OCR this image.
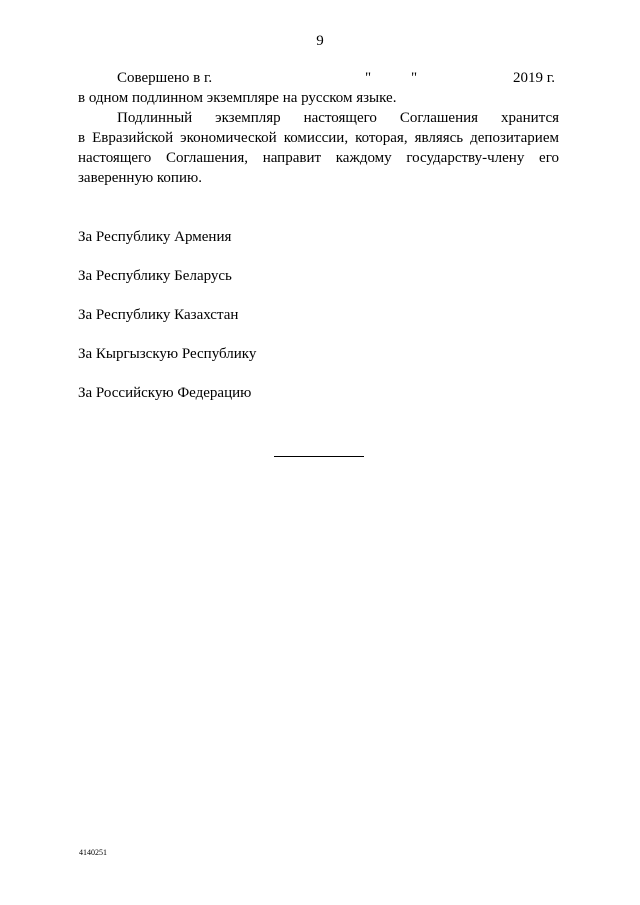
9
Совершено в г.	"	"	2019 г.
в одном подлинном экземпляре на русском языке.
Подлинный экземпляр настоящего Соглашения хранится
в Евразийской экономической комиссии, которая, являясь депозитарием
настоящего Соглашения, направит каждому государству-члену его
заверенную копию.
За Республику Армения
За Республику Беларусь
За Республику Казахстан
За Кыргызскую Республику
За Российскую Федерацию
4140251
